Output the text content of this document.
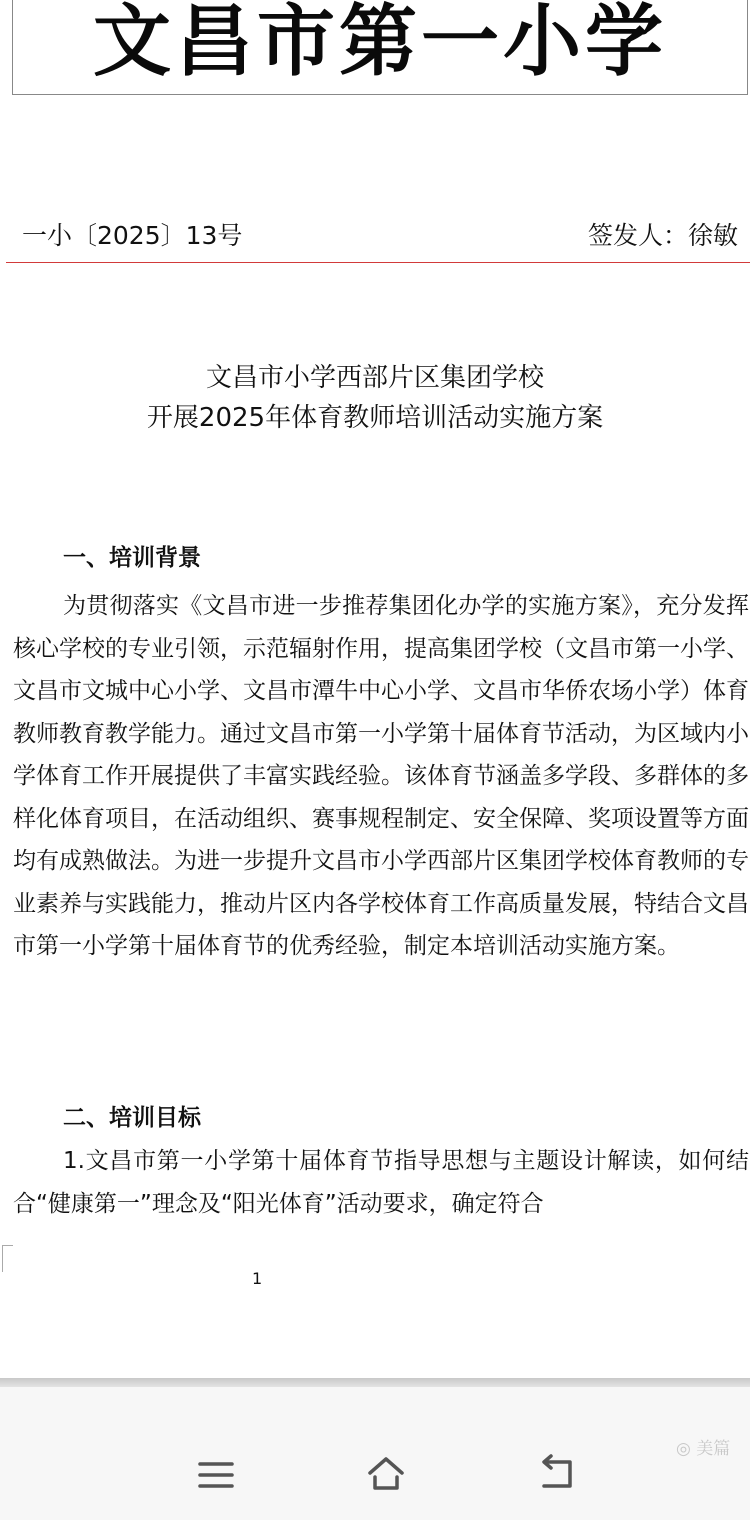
文昌市第一小学
一小〔2025〕13号	签发人：徐敏
文昌市小学西部片区集团学校
开展2025年体育教师培训活动实施方案
一、培训背景

为贯彻落实《文昌市进一步推荐集团化办学的实施方案》，充分发挥核心学校的专业引领，示范辐射作用，提高集团学校（文昌市第一小学、文昌市文城中心小学、文昌市潭牛中心小学、文昌市华侨农场小学）体育教师教育教学能力。通过文昌市第一小学第十届体育节活动，为区域内小学体育工作开展提供了丰富实践经验。该体育节涵盖多学段、多群体的多样化体育项目，在活动组织、赛事规程制定、安全保障、奖项设置等方面均有成熟做法。为进一步提升文昌市小学西部片区集团学校体育教师的专业素养与实践能力，推动片区内各学校体育工作高质量发展，特结合文昌市第一小学第十届体育节的优秀经验，制定本培训活动实施方案。

二、培训目标

1.文昌市第一小学第十届体育节指导思想与主题设计解读，如何结合“健康第一”理念及“阳光体育”活动要求，确定符合

1
◎ 美篇
